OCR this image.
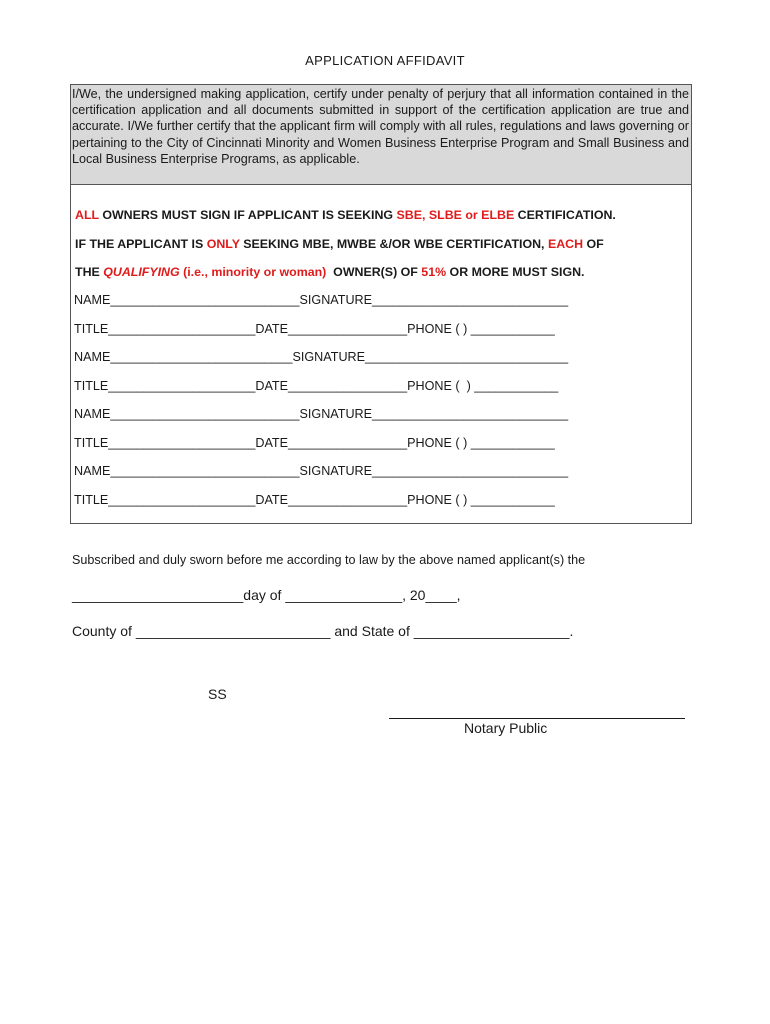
APPLICATION AFFIDAVIT
I/We, the undersigned making application, certify under penalty of perjury that all information contained in the certification application and all documents submitted in support of the certification application are true and accurate. I/We further certify that the applicant firm will comply with all rules, regulations and laws governing or pertaining to the City of Cincinnati Minority and Women Business Enterprise Program and Small Business and Local Business Enterprise Programs, as applicable.
ALL OWNERS MUST SIGN IF APPLICANT IS SEEKING SBE, SLBE or ELBE CERTIFICATION.
IF THE APPLICANT IS ONLY SEEKING MBE, MWBE &/OR WBE CERTIFICATION, EACH OF
THE QUALIFYING (i.e., minority or woman)  OWNER(S) OF 51% OR MORE MUST SIGN.
NAME___________________________SIGNATURE____________________________
TITLE_____________________DATE_________________PHONE ( ) ____________
NAME__________________________SIGNATURE_____________________________
TITLE_____________________DATE_________________PHONE (  ) ____________
NAME___________________________SIGNATURE____________________________
TITLE_____________________DATE_________________PHONE ( ) ____________
NAME___________________________SIGNATURE____________________________
TITLE_____________________DATE_________________PHONE ( ) ____________
Subscribed and duly sworn before me according to law by the above named applicant(s) the
______________________day of _______________, 20____,
County of _________________________ and State of ____________________.
SS
Notary Public
